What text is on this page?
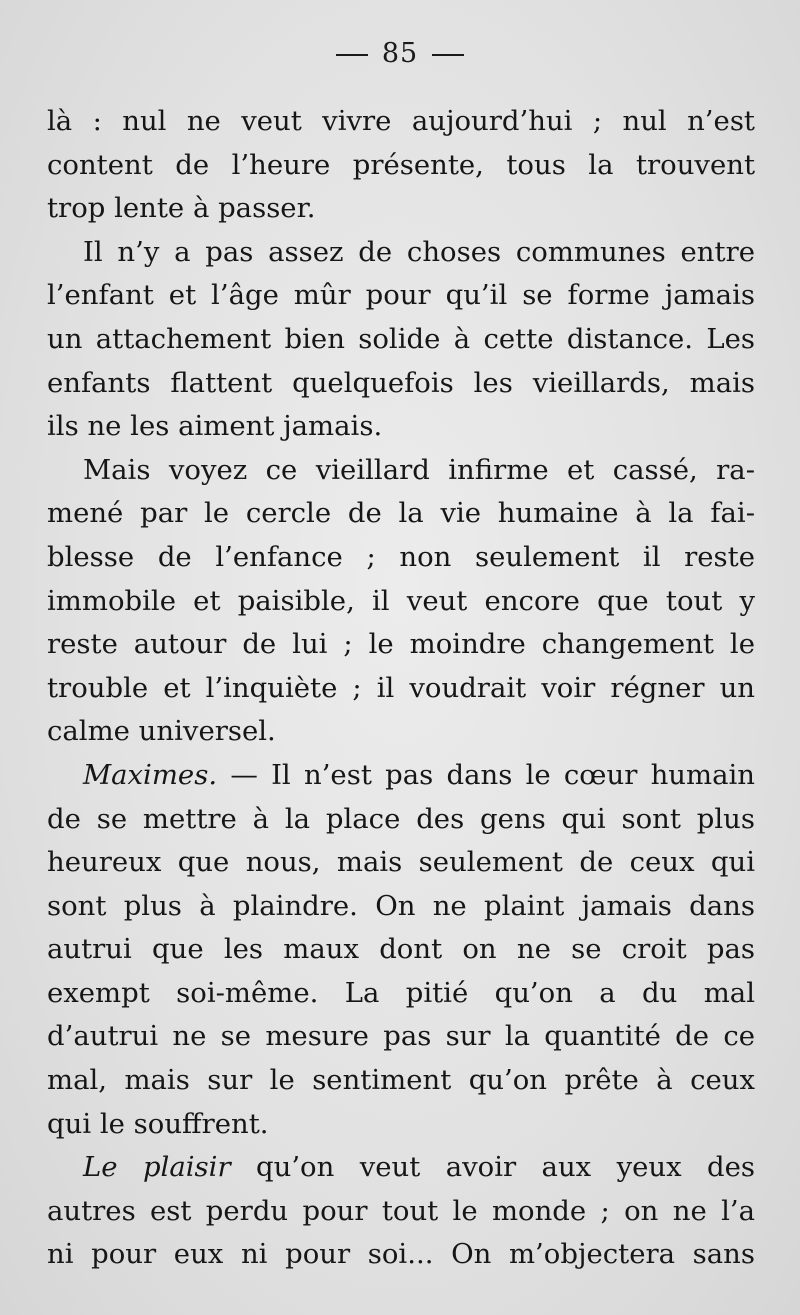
85
là : nul ne veut vivre aujourd’hui ; nul n’est
content de l’heure présente, tous la trouvent
trop lente à passer.
Il n’y a pas assez de choses communes entre
l’enfant et l’âge mûr pour qu’il se forme jamais
un attachement bien solide à cette distance. Les
enfants flattent quelquefois les vieillards, mais
ils ne les aiment jamais.
Mais voyez ce vieillard infirme et cassé, ra-
mené par le cercle de la vie humaine à la fai-
blesse de l’enfance ; non seulement il reste
immobile et paisible, il veut encore que tout y
reste autour de lui ; le moindre changement le
trouble et l’inquiète ; il voudrait voir régner un
calme universel.
Maximes. — Il n’est pas dans le cœur humain
de se mettre à la place des gens qui sont plus
heureux que nous, mais seulement de ceux qui
sont plus à plaindre. On ne plaint jamais dans
autrui que les maux dont on ne se croit pas
exempt soi-même. La pitié qu’on a du mal
d’autrui ne se mesure pas sur la quantité de ce
mal, mais sur le sentiment qu’on prête à ceux
qui le souffrent.
Le plaisir qu’on veut avoir aux yeux des
autres est perdu pour tout le monde ; on ne l’a
ni pour eux ni pour soi... On m’objectera sans
